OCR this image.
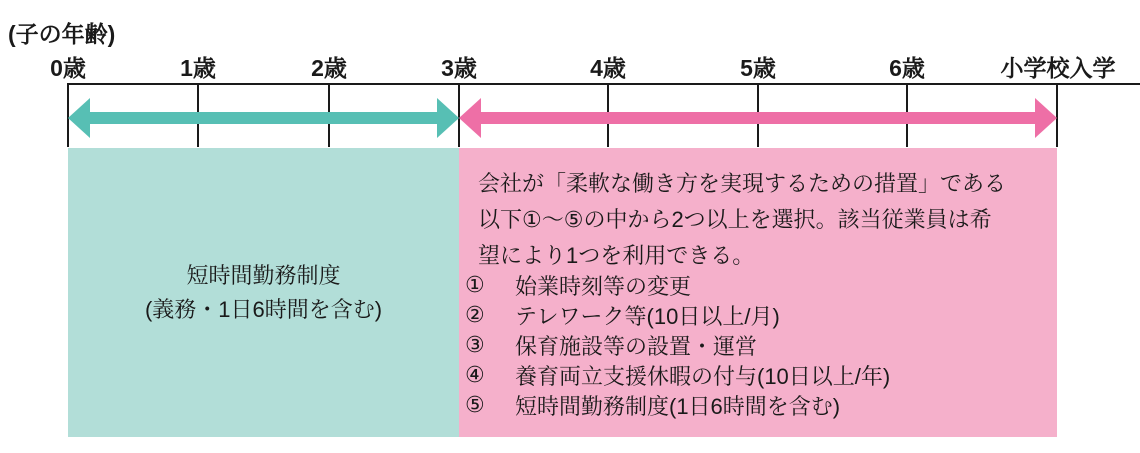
(子の年齢)
0歳	1歳	2歳	3歳	4歳	5歳	6歳	小学校入学
短時間勤務制度
(義務・1日6時間を含む)
会社が「柔軟な働き方を実現するための措置」である
以下①～⑤の中から2つ以上を選択。該当従業員は希
望により1つを利用できる。
①	始業時刻等の変更
②	テレワーク等(10日以上/月)
③	保育施設等の設置・運営
④	養育両立支援休暇の付与(10日以上/年)
⑤	短時間勤務制度(1日6時間を含む)
